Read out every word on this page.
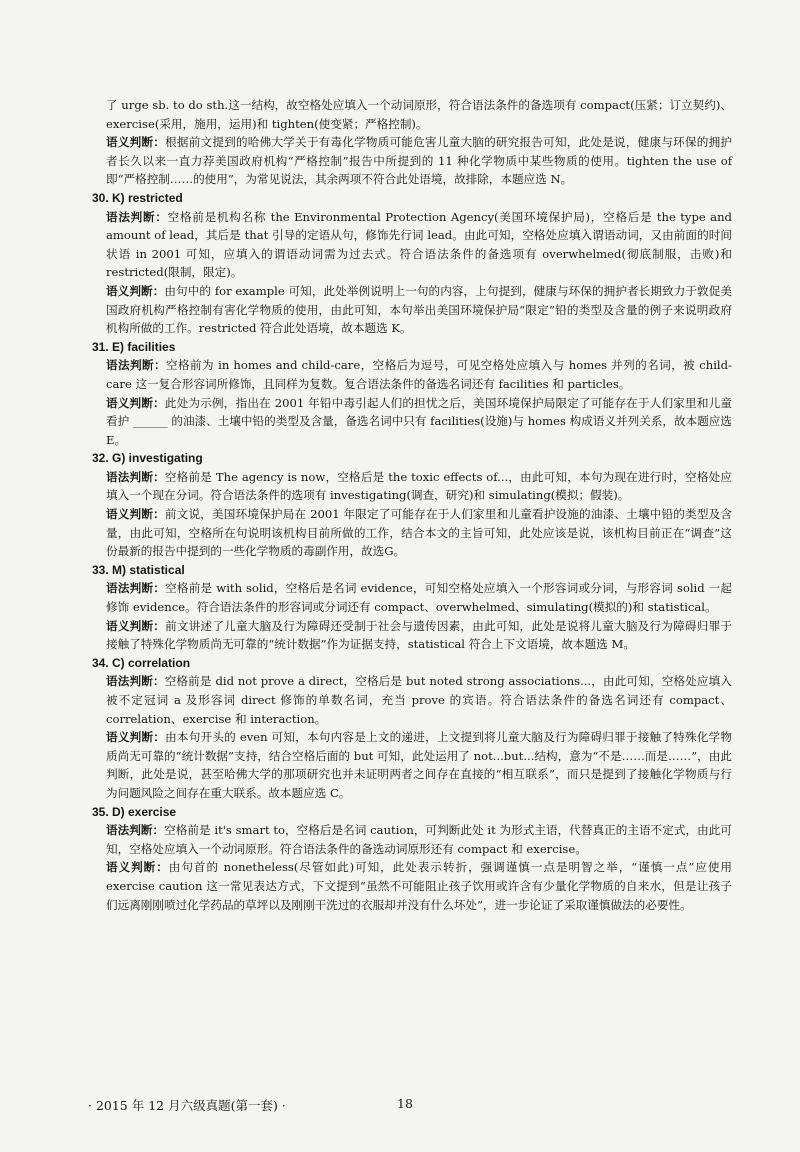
了 urge sb. to do sth.这一结构，故空格处应填入一个动词原形，符合语法条件的备选项有 compact(压紧；订立契约)、exercise(采用，施用，运用)和 tighten(使变紧；严格控制)。

语义判断：根据前文提到的哈佛大学关于有毒化学物质可能危害儿童大脑的研究报告可知，此处是说，健康与环保的拥护者长久以来一直力荐美国政府机构“严格控制”报告中所提到的 11 种化学物质中某些物质的使用。tighten the use of 即“严格控制……的使用”，为常见说法，其余两项不符合此处语境，故排除，本题应选 N。

30. K) restricted

语法判断：空格前是机构名称 the Environmental Protection Agency(美国环境保护局)，空格后是 the type and amount of lead，其后是 that 引导的定语从句，修饰先行词 lead。由此可知，空格处应填入谓语动词，又由前面的时间状语 in 2001 可知，应填入的谓语动词需为过去式。符合语法条件的备选项有 overwhelmed(彻底制服，击败)和 restricted(限制，限定)。

语义判断：由句中的 for example 可知，此处举例说明上一句的内容，上句提到，健康与环保的拥护者长期致力于敦促美国政府机构严格控制有害化学物质的使用，由此可知，本句举出美国环境保护局“限定”铅的类型及含量的例子来说明政府机构所做的工作。restricted 符合此处语境，故本题选 K。

31. E) facilities

语法判断：空格前为 in homes and child-care，空格后为逗号，可见空格处应填入与 homes 并列的名词，被 child-care 这一复合形容词所修饰，且同样为复数。复合语法条件的备选名词还有 facilities 和 particles。

语义判断：此处为示例，指出在 2001 年铅中毒引起人们的担忧之后，美国环境保护局限定了可能存在于人们家里和儿童看护 ______ 的油漆、土壤中铅的类型及含量，备选名词中只有 facilities(设施)与 homes 构成语义并列关系，故本题应选 E。

32. G) investigating

语法判断：空格前是 The agency is now，空格后是 the toxic effects of...，由此可知，本句为现在进行时，空格处应填入一个现在分词。符合语法条件的选项有 investigating(调查，研究)和 simulating(模拟；假装)。

语义判断：前文说，美国环境保护局在 2001 年限定了可能存在于人们家里和儿童看护设施的油漆、土壤中铅的类型及含量，由此可知，空格所在句说明该机构目前所做的工作，结合本文的主旨可知，此处应该是说，该机构目前正在“调查”这份最新的报告中提到的一些化学物质的毒副作用，故选G。

33. M) statistical

语法判断：空格前是 with solid，空格后是名词 evidence，可知空格处应填入一个形容词或分词，与形容词 solid 一起修饰 evidence。符合语法条件的形容词或分词还有 compact、overwhelmed、simulating(模拟的)和 statistical。

语义判断：前文讲述了儿童大脑及行为障碍还受制于社会与遗传因素，由此可知，此处是说将儿童大脑及行为障碍归罪于接触了特殊化学物质尚无可靠的“统计数据”作为证据支持，statistical 符合上下文语境，故本题选 M。

34. C) correlation

语法判断：空格前是 did not prove a direct，空格后是 but noted strong associations...，由此可知，空格处应填入被不定冠词 a 及形容词 direct 修饰的单数名词，充当 prove 的宾语。符合语法条件的备选名词还有 compact、correlation、exercise 和 interaction。

语义判断：由本句开头的 even 可知，本句内容是上文的递进，上文提到将儿童大脑及行为障碍归罪于接触了特殊化学物质尚无可靠的“统计数据”支持，结合空格后面的 but 可知，此处运用了 not...but...结构，意为“不是……而是……”，由此判断，此处是说，甚至哈佛大学的那项研究也并未证明两者之间存在直接的“相互联系”，而只是提到了接触化学物质与行为问题风险之间存在重大联系。故本题应选 C。

35. D) exercise

语法判断：空格前是 it's smart to，空格后是名词 caution，可判断此处 it 为形式主语，代替真正的主语不定式，由此可知，空格处应填入一个动词原形。符合语法条件的备选动词原形还有 compact 和 exercise。

语义判断：由句首的 nonetheless(尽管如此)可知，此处表示转折，强调谨慎一点是明智之举，“谨慎一点”应使用 exercise caution 这一常见表达方式，下文提到“虽然不可能阻止孩子饮用或许含有少量化学物质的自来水，但是让孩子们远离刚刚喷过化学药品的草坪以及刚刚干洗过的衣服却并没有什么坏处”，进一步论证了采取谨慎做法的必要性。

· 2015 年 12 月六级真题(第一套) ·	18
